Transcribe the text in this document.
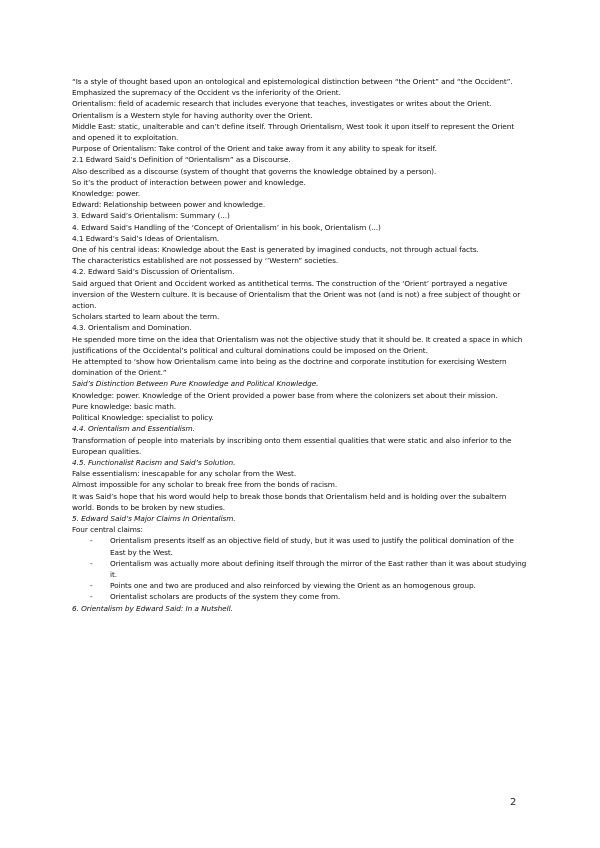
“Is a style of thought based upon an ontological and epistemological distinction between “the Orient” and “the Occident”. Emphasized the supremacy of the Occident vs the inferiority of the Orient.

Orientalism: field of academic research that includes everyone that teaches, investigates or writes about the Orient.

Orientalism is a Western style for having authority over the Orient.

Middle East: static, unalterable and can’t define itself. Through Orientalism, West took it upon itself to represent the Orient and opened it to exploitation.

Purpose of Orientalism: Take control of the Orient and take away from it any ability to speak for itself.

2.1 Edward Said’s Definition of “Orientalism” as a Discourse.

Also described as a discourse (system of thought that governs the knowledge obtained by a person).

So it’s the product of interaction between power and knowledge.

Knowledge: power.

Edward: Relationship between power and knowledge.

3. Edward Said’s Orientalism: Summary (...)

4. Edward Said’s Handling of the ‘Concept of Orientalism’ in his book, Orientalism (...)

4.1 Edward’s Said’s Ideas of Orientalism.

One of his central ideas: Knowledge about the East is generated by imagined conducts, not through actual facts.

The characteristics established are not possessed by ‘’Western” societies.

4.2. Edward Said’s Discussion of Orientalism.

Said argued that Orient and Occident worked as antithetical terms. The construction of the ‘Orient’ portrayed a negative inversion of the Western culture. It is because of Orientalism that the Orient was not (and is not) a free subject of thought or action.

Scholars started to learn about the term.

4.3. Orientalism and Domination.

He spended more time on the idea that Orientalism was not the objective study that it should be. It created a space in which justifications of the Occidental’s political and cultural dominations could be imposed on the Orient.

He attempted to ‘show how Orientalism came into being as the doctrine and corporate institution for exercising Western domination of the Orient.”

Said’s Distinction Between Pure Knowledge and Political Knowledge.

Knowledge: power. Knowledge of the Orient provided a power base from where the colonizers set about their mission.

Pure knowledge: basic math.

Political Knowledge: specialist to policy.

4.4. Orientalism and Essentialism.

Transformation of people into materials by inscribing onto them essential qualities that were static and also inferior to the European qualities.

4.5. Functionalist Racism and Said’s Solution.

False essentialism: inescapable for any scholar from the West.

Almost impossible for any scholar to break free from the bonds of racism.

It was Said’s hope that his word would help to break those bonds that Orientalism held and is holding over the subaltern world. Bonds to be broken by new studies.

5. Edward Said’s Major Claims In Orientalism.

Four central claims:

- Orientalism presents itself as an objective field of study, but it was used to justify the political domination of the East by the West.
- Orientalism was actually more about defining itself through the mirror of the East rather than it was about studying it.
- Points one and two are produced and also reinforced by viewing the Orient as an homogenous group.
- Orientalist scholars are products of the system they come from.

6. Orientalism by Edward Said: In a Nutshell.

2
